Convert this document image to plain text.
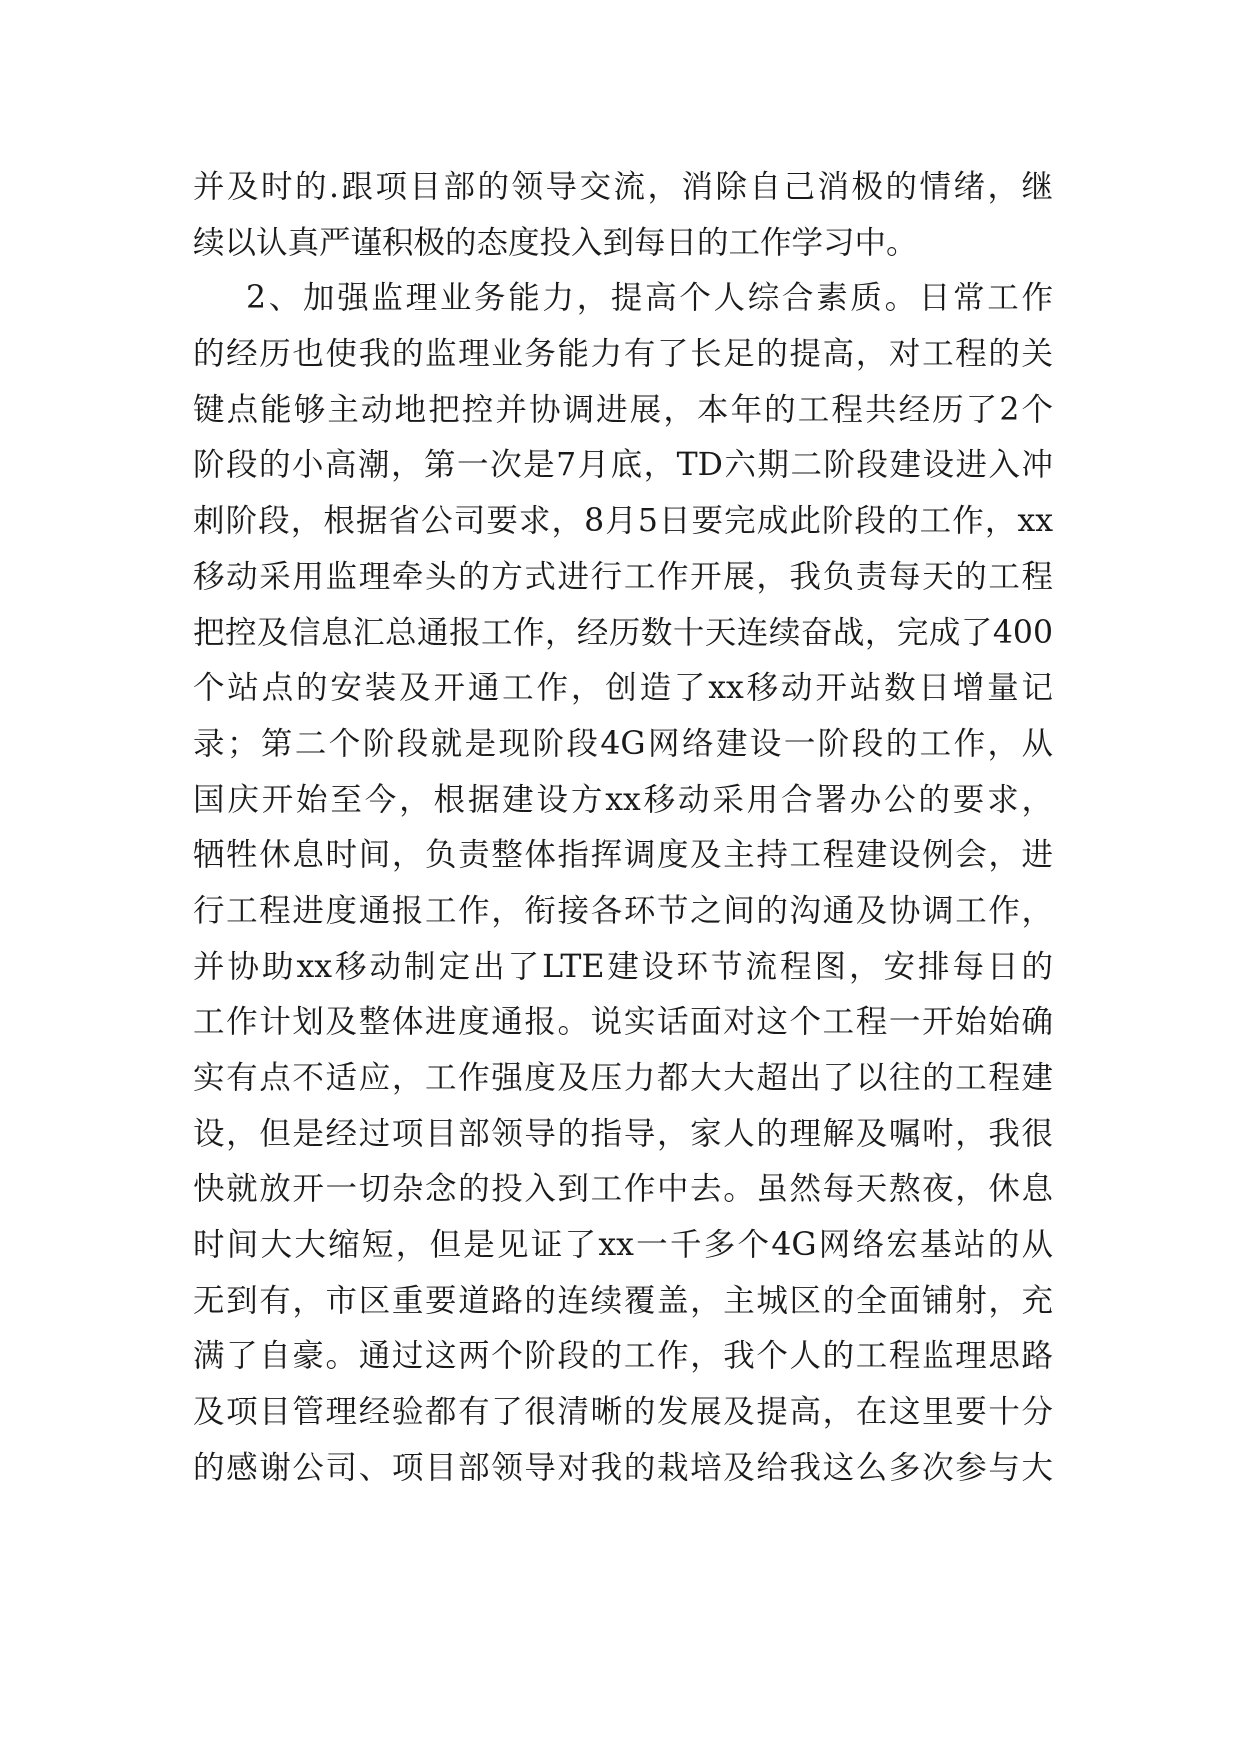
并及时的.跟项目部的领导交流，消除自己消极的情绪，继
续以认真严谨积极的态度投入到每日的工作学习中。
2、加强监理业务能力，提高个人综合素质。日常工作
的经历也使我的监理业务能力有了长足的提高，对工程的关
键点能够主动地把控并协调进展，本年的工程共经历了2个
阶段的小高潮，第一次是7月底，TD六期二阶段建设进入冲
刺阶段，根据省公司要求，8月5日要完成此阶段的工作，xx
移动采用监理牵头的方式进行工作开展，我负责每天的工程
把控及信息汇总通报工作，经历数十天连续奋战，完成了400
个站点的安装及开通工作，创造了xx移动开站数日增量记
录；第二个阶段就是现阶段4G网络建设一阶段的工作，从
国庆开始至今，根据建设方xx移动采用合署办公的要求，
牺牲休息时间，负责整体指挥调度及主持工程建设例会，进
行工程进度通报工作，衔接各环节之间的沟通及协调工作，
并协助xx移动制定出了LTE建设环节流程图，安排每日的
工作计划及整体进度通报。说实话面对这个工程一开始始确
实有点不适应，工作强度及压力都大大超出了以往的工程建
设，但是经过项目部领导的指导，家人的理解及嘱咐，我很
快就放开一切杂念的投入到工作中去。虽然每天熬夜，休息
时间大大缩短，但是见证了xx一千多个4G网络宏基站的从
无到有，市区重要道路的连续覆盖，主城区的全面铺射，充
满了自豪。通过这两个阶段的工作，我个人的工程监理思路
及项目管理经验都有了很清晰的发展及提高，在这里要十分
的感谢公司、项目部领导对我的栽培及给我这么多次参与大
